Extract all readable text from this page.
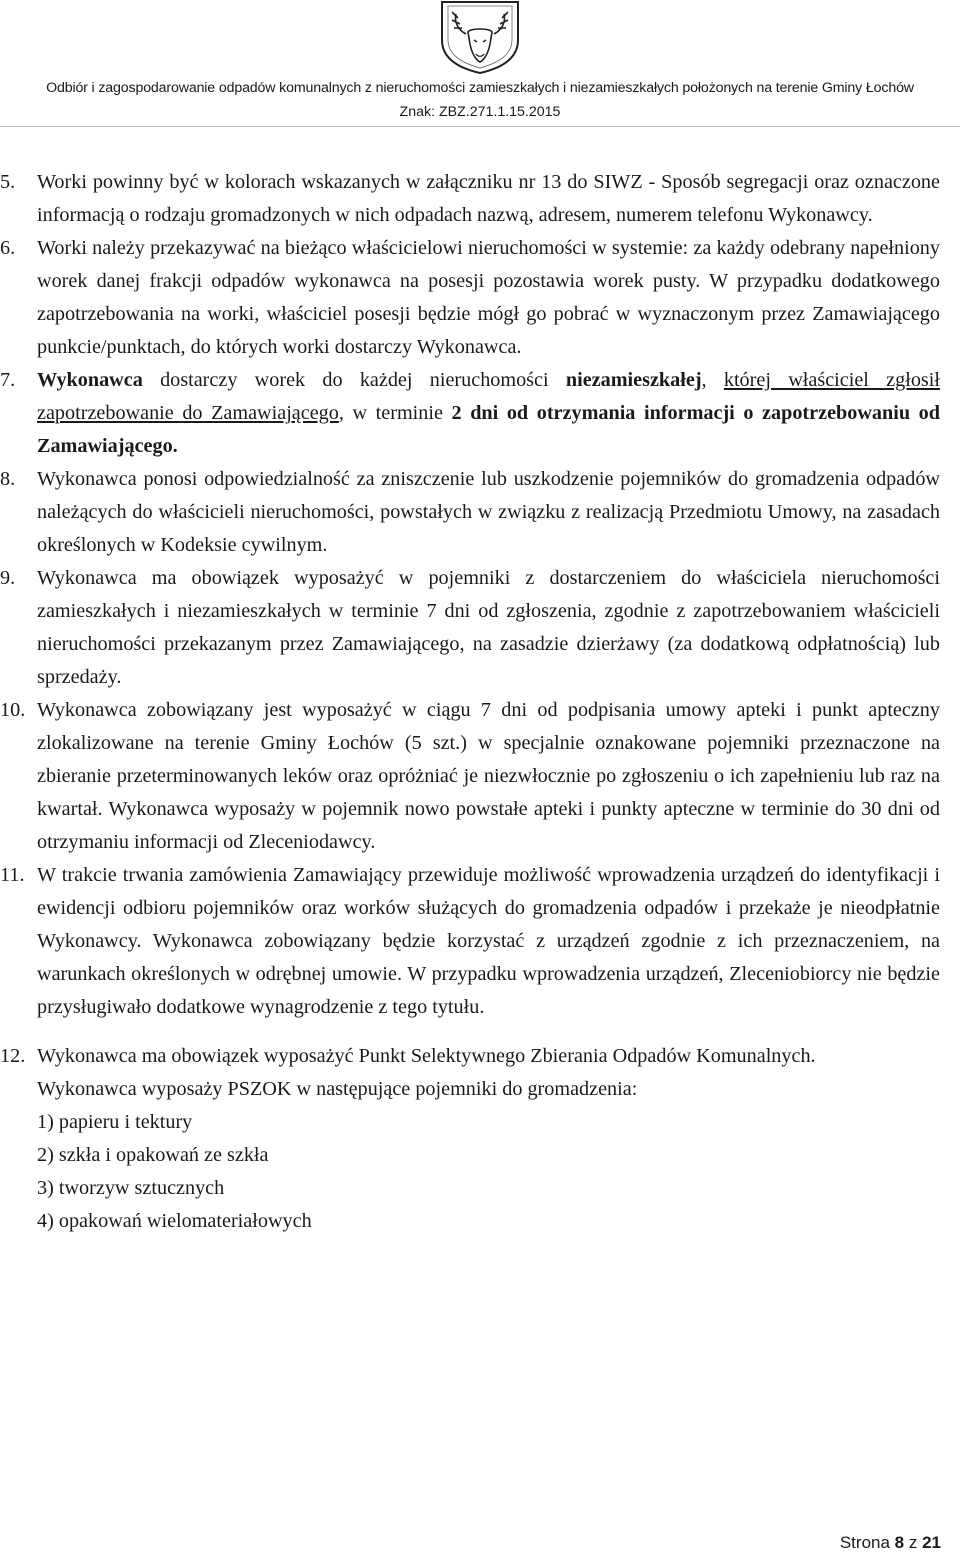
Odbiór i zagospodarowanie odpadów komunalnych z nieruchomości zamieszkałych i niezamieszkałych położonych na terenie Gminy Łochów
Znak: ZBZ.271.1.15.2015
5. Worki powinny być w kolorach wskazanych w załączniku nr 13 do SIWZ - Sposób segregacji oraz oznaczone informacją o rodzaju gromadzonych w nich odpadach nazwą, adresem, numerem telefonu Wykonawcy.
6. Worki należy przekazywać na bieżąco właścicielowi nieruchomości w systemie: za każdy odebrany napełniony worek danej frakcji odpadów wykonawca na posesji pozostawia worek pusty. W przypadku dodatkowego zapotrzebowania na worki, właściciel posesji będzie mógł go pobrać w wyznaczonym przez Zamawiającego punkcie/punktach, do których worki dostarczy Wykonawca.
7. Wykonawca dostarczy worek do każdej nieruchomości niezamieszkałej, której właściciel zgłosił zapotrzebowanie do Zamawiającego, w terminie 2 dni od otrzymania informacji o zapotrzebowaniu od Zamawiającego.
8. Wykonawca ponosi odpowiedzialność za zniszczenie lub uszkodzenie pojemników do gromadzenia odpadów należących do właścicieli nieruchomości, powstałych w związku z realizacją Przedmiotu Umowy, na zasadach określonych w Kodeksie cywilnym.
9. Wykonawca ma obowiązek wyposażyć w pojemniki z dostarczeniem do właściciela nieruchomości zamieszkałych i niezamieszkałych w terminie 7 dni od zgłoszenia, zgodnie z zapotrzebowaniem właścicieli nieruchomości przekazanym przez Zamawiającego, na zasadzie dzierżawy (za dodatkową odpłatnością) lub sprzedaży.
10. Wykonawca zobowiązany jest wyposażyć w ciągu 7 dni od podpisania umowy apteki i punkt apteczny zlokalizowane na terenie Gminy Łochów (5 szt.) w specjalnie oznakowane pojemniki przeznaczone na zbieranie przeterminowanych leków oraz opróżniać je niezwłocznie po zgłoszeniu o ich zapełnieniu lub raz na kwartał. Wykonawca wyposaży w pojemnik nowo powstałe apteki i punkty apteczne w terminie do 30 dni od otrzymaniu informacji od Zleceniodawcy.
11. W trakcie trwania zamówienia Zamawiający przewiduje możliwość wprowadzenia urządzeń do identyfikacji i ewidencji odbioru pojemników oraz worków służących do gromadzenia odpadów i przekaże je nieodpłatnie Wykonawcy. Wykonawca zobowiązany będzie korzystać z urządzeń zgodnie z ich przeznaczeniem, na warunkach określonych w odrębnej umowie. W przypadku wprowadzenia urządzeń, Zleceniobiorcy nie będzie przysługiwało dodatkowe wynagrodzenie z tego tytułu.
12. Wykonawca ma obowiązek wyposażyć Punkt Selektywnego Zbierania Odpadów Komunalnych.
Wykonawca wyposaży PSZOK w następujące pojemniki do gromadzenia:
1) papieru i tektury
2) szkła i opakowań ze szkła
3) tworzyw sztucznych
4) opakowań wielomateriałowych
Strona 8 z 21
